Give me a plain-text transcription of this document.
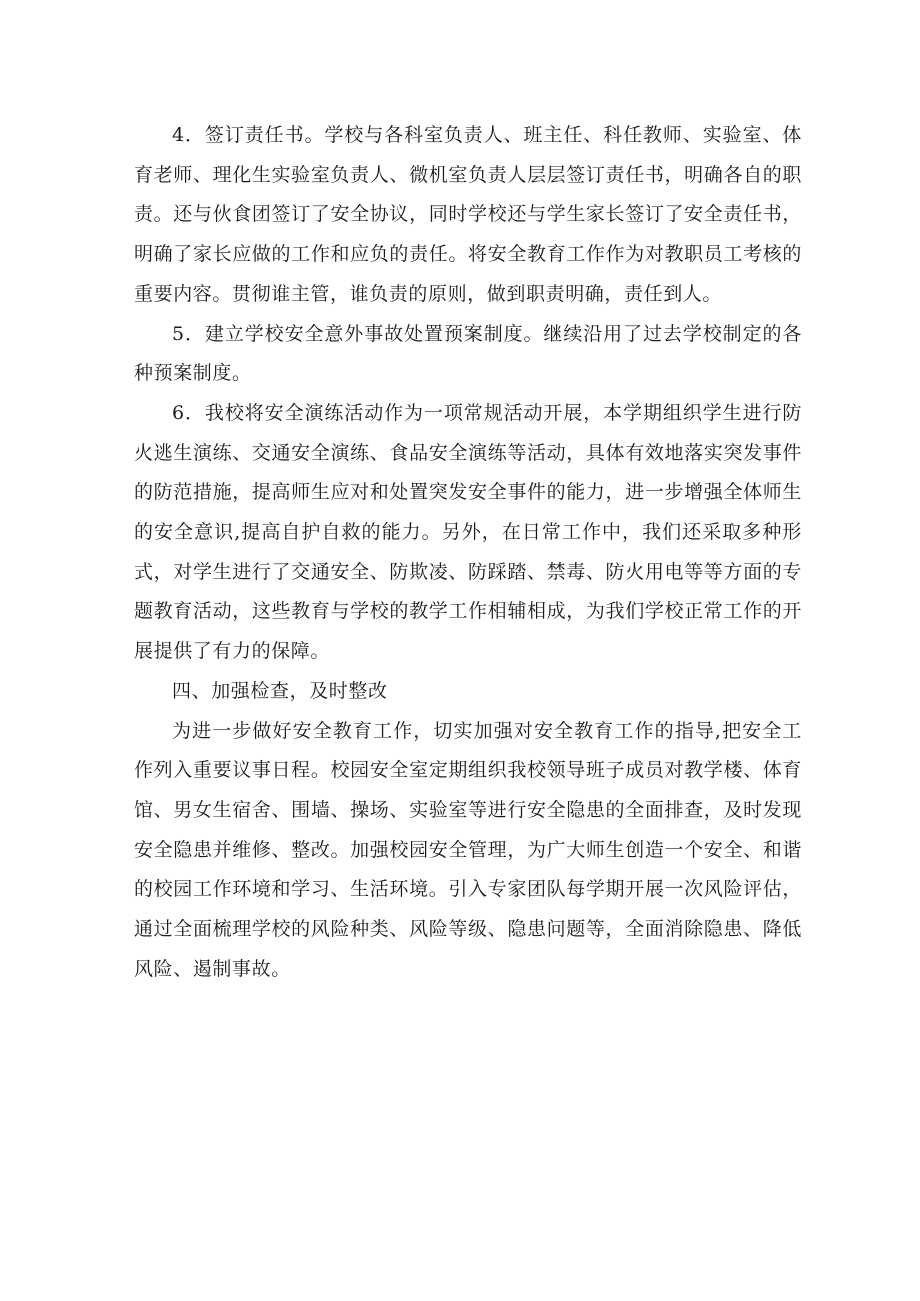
4．签订责任书。学校与各科室负责人、班主任、科任教师、实验室、体育老师、理化生实验室负责人、微机室负责人层层签订责任书，明确各自的职责。还与伙食团签订了安全协议，同时学校还与学生家长签订了安全责任书，明确了家长应做的工作和应负的责任。将安全教育工作作为对教职员工考核的重要内容。贯彻谁主管，谁负责的原则，做到职责明确，责任到人。

5．建立学校安全意外事故处置预案制度。继续沿用了过去学校制定的各种预案制度。

6．我校将安全演练活动作为一项常规活动开展，本学期组织学生进行防火逃生演练、交通安全演练、食品安全演练等活动，具体有效地落实突发事件的防范措施，提高师生应对和处置突发安全事件的能力，进一步增强全体师生的安全意识,提高自护自救的能力。另外，在日常工作中，我们还采取多种形式，对学生进行了交通安全、防欺凌、防踩踏、禁毒、防火用电等等方面的专题教育活动，这些教育与学校的教学工作相辅相成，为我们学校正常工作的开展提供了有力的保障。

四、加强检查，及时整改

为进一步做好安全教育工作，切实加强对安全教育工作的指导,把安全工作列入重要议事日程。校园安全室定期组织我校领导班子成员对教学楼、体育馆、男女生宿舍、围墙、操场、实验室等进行安全隐患的全面排查，及时发现安全隐患并维修、整改。加强校园安全管理，为广大师生创造一个安全、和谐的校园工作环境和学习、生活环境。引入专家团队每学期开展一次风险评估，通过全面梳理学校的风险种类、风险等级、隐患问题等，全面消除隐患、降低风险、遏制事故。
